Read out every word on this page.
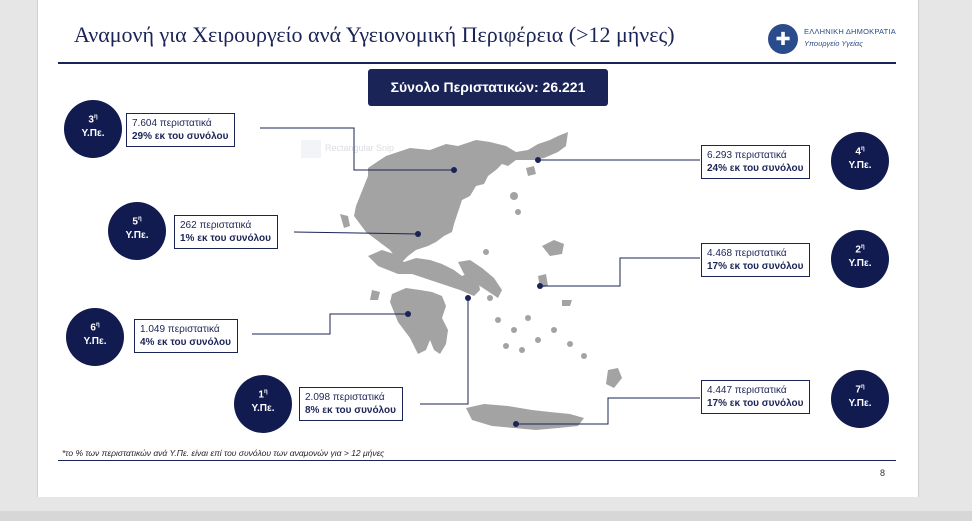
Αναμονή για Χειρουργείο ανά Υγειονομική Περιφέρεια (>12 μήνες)	✚	ΕΛΛΗΝΙΚΗ ΔΗΜΟΚΡΑΤΙΑ
Υπουργείο Υγείας
Σύνολο Περιστατικών: 26.221
Rectangular Snip
$3^\eta$
Υ.Πε.
7.604 περιστατικά
29% εκ του συνόλου
$5^\eta$
Υ.Πε.
262 περιστατικά
1% εκ του συνόλου
$6^\eta$
Υ.Πε.
1.049 περιστατικά
4% εκ του συνόλου
$1^\eta$
Υ.Πε.
2.098 περιστατικά
8% εκ του συνόλου
$4^\eta$
Υ.Πε.
6.293 περιστατικά
24% εκ του συνόλου
$2^\eta$
Υ.Πε.
4.468 περιστατικά
17% εκ του συνόλου
$7^\eta$
Υ.Πε.
4.447 περιστατικά
17% εκ του συνόλου
*το % των περιστατικών ανά Υ.Πε. είναι επί του συνόλου των αναμονών για > 12 μήνες
8
